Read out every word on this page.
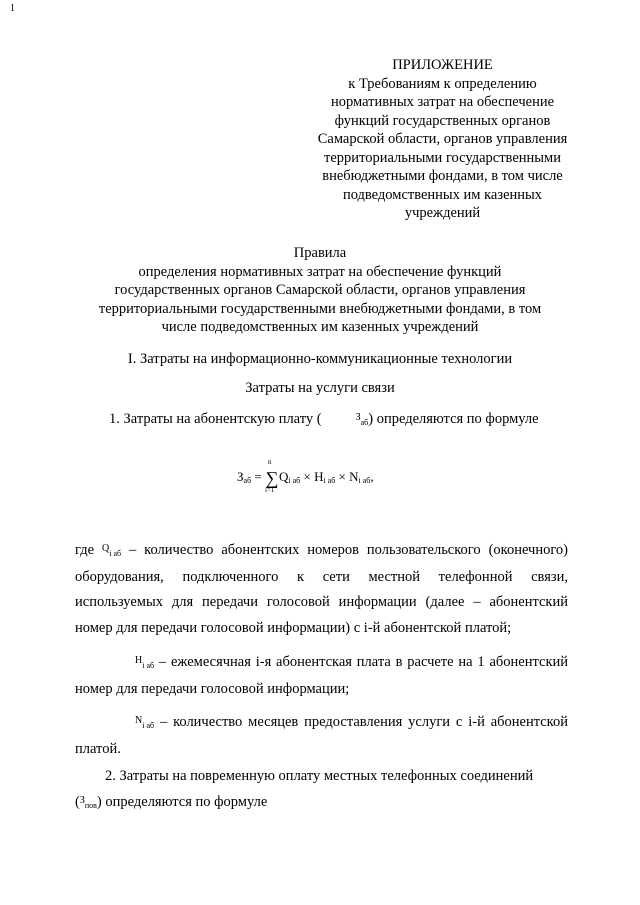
1
ПРИЛОЖЕНИЕ
к Требованиям к определению
нормативных затрат на обеспечение
функций государственных органов
Самарской области, органов управления
территориальными государственными
внебюджетными фондами, в том числе
подведомственных им казенных
учреждений
Правила
определения нормативных затрат на обеспечение функций
государственных органов Самарской области, органов управления
территориальными государственными внебюджетными фондами, в том
числе подведомственных им казенных учреждений
I. Затраты на информационно-коммуникационные технологии
Затраты на услуги связи
1. Затраты на абонентскую плату (	$^З$аб) определяются по формуле
Заб =
n
∑
i=1
Qi аб × Hi аб × Ni аб,
где $^Q$i аб – количество абонентских номеров пользовательского (оконечного) оборудования, подключенного к сети местной телефонной связи, используемых для передачи голосовой информации (далее – абонентский номер для передачи голосовой информации) с i-й абонентской платой;
$^H$i аб – ежемесячная i-я абонентская плата в расчете на 1 абонентский номер для передачи голосовой информации;
$^N$i аб – количество месяцев предоставления услуги с i-й абонентской платой.
2. Затраты на повременную оплату местных телефонных соединений
($^З$пов) определяются по формуле
